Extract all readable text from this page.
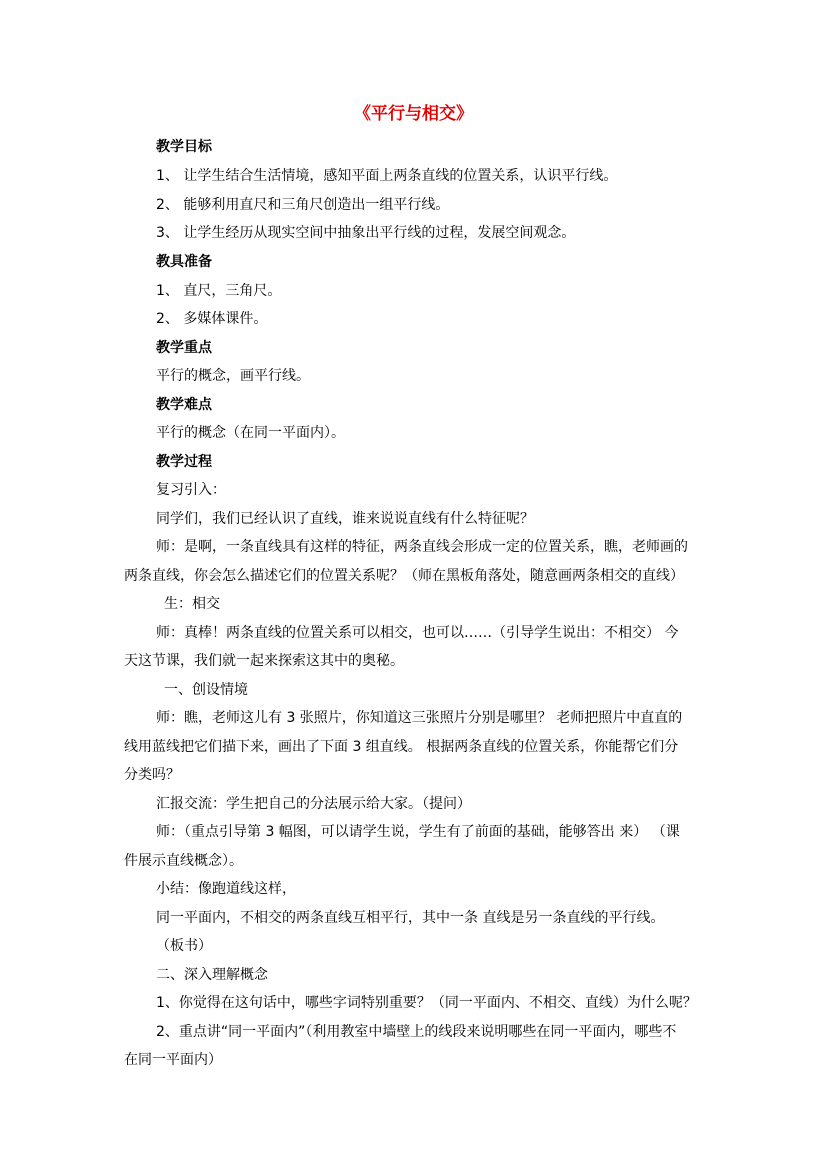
《平行与相交》
教学目标
1、 让学生结合生活情境，感知平面上两条直线的位置关系，认识平行线。
2、 能够利用直尺和三角尺创造出一组平行线。
3、 让学生经历从现实空间中抽象出平行线的过程，发展空间观念。
教具准备
1、 直尺，三角尺。
2、 多媒体课件。
教学重点
平行的概念，画平行线。
教学难点
平行的概念（在同一平面内）。
教学过程
复习引入：
同学们，我们已经认识了直线，谁来说说直线有什么特征呢？
师：是啊，一条直线具有这样的特征，两条直线会形成一定的位置关系，瞧，老师画的
两条直线，你会怎么描述它们的位置关系呢？（师在黑板角落处，随意画两条相交的直线）
生：相交
师：真棒！两条直线的位置关系可以相交，也可以……（引导学生说出：不相交） 今
天这节课，我们就一起来探索这其中的奥秘。
一、创设情境
师：瞧，老师这儿有 3 张照片，你知道这三张照片分别是哪里？ 老师把照片中直直的
线用蓝线把它们描下来，画出了下面 3 组直线。 根据两条直线的位置关系，你能帮它们分
分类吗？
汇报交流：学生把自己的分法展示给大家。（提问）
师：（重点引导第 3 幅图，可以请学生说，学生有了前面的基础，能够答出 来） （课
件展示直线概念）。
小结：像跑道线这样，
同一平面内，不相交的两条直线互相平行，其中一条 直线是另一条直线的平行线。
（板书）
二、深入理解概念
1、你觉得在这句话中，哪些字词特别重要？（同一平面内、不相交、直线）为什么呢？
2、重点讲“同一平面内”（利用教室中墙壁上的线段来说明哪些在同一平面内，哪些不
在同一平面内）
